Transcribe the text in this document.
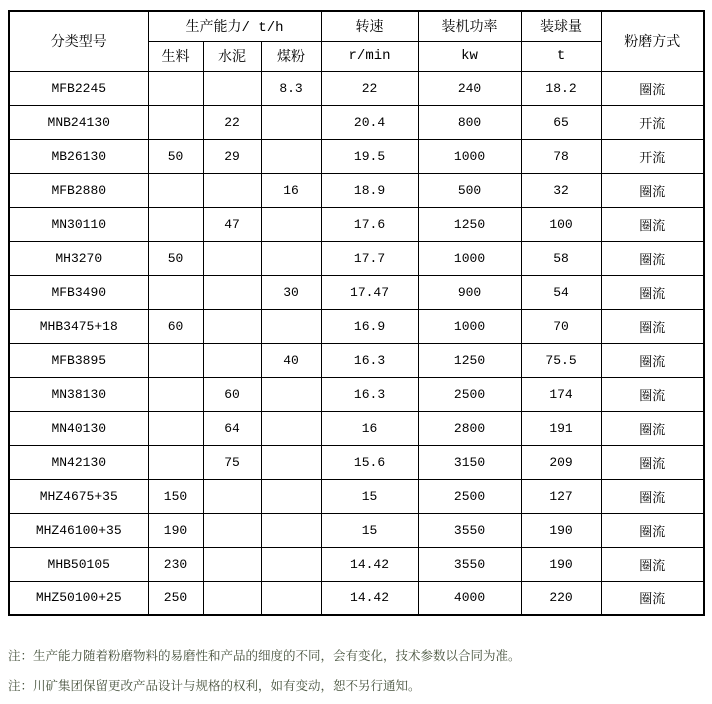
分类型号	生产能力/ t/h			转速	装机功率	装球量	粉磨方式
	生料	水泥	煤粉	r/min	kw	t	
MFB2245			8.3	22	240	18.2	圈流
MNB24130		22		20.4	800	65	开流
MB26130	50	29		19.5	1000	78	开流
MFB2880			16	18.9	500	32	圈流
MN30110		47		17.6	1250	100	圈流
MH3270	50			17.7	1000	58	圈流
MFB3490			30	17.47	900	54	圈流
MHB3475+18	60			16.9	1000	70	圈流
MFB3895			40	16.3	1250	75.5	圈流
MN38130		60		16.3	2500	174	圈流
MN40130		64		16	2800	191	圈流
MN42130		75		15.6	3150	209	圈流
MHZ4675+35	150			15	2500	127	圈流
MHZ46100+35	190			15	3550	190	圈流
MHB50105	230			14.42	3550	190	圈流
MHZ50100+25	250			14.42	4000	220	圈流

注：生产能力随着粉磨物料的易磨性和产品的细度的不同，会有变化，技术参数以合同为准。

注：川矿集团保留更改产品设计与规格的权利，如有变动，恕不另行通知。
